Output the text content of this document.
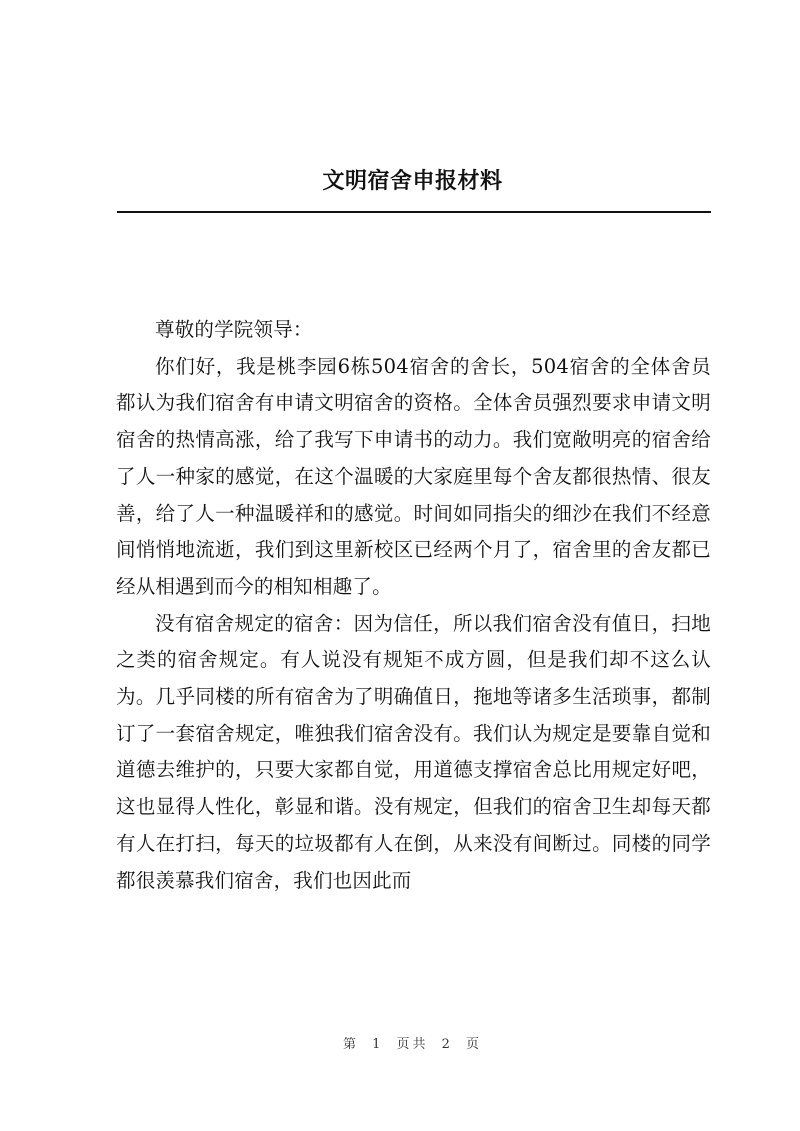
文明宿舍申报材料

尊敬的学院领导：

你们好，我是桃李园6栋504宿舍的舍长，504宿舍的全体舍员都认为我们宿舍有申请文明宿舍的资格。全体舍员强烈要求申请文明宿舍的热情高涨，给了我写下申请书的动力。我们宽敞明亮的宿舍给了人一种家的感觉，在这个温暖的大家庭里每个舍友都很热情、很友善，给了人一种温暖祥和的感觉。时间如同指尖的细沙在我们不经意间悄悄地流逝，我们到这里新校区已经两个月了，宿舍里的舍友都已经从相遇到而今的相知相趣了。

没有宿舍规定的宿舍：因为信任，所以我们宿舍没有值日，扫地之类的宿舍规定。有人说没有规矩不成方圆，但是我们却不这么认为。几乎同楼的所有宿舍为了明确值日，拖地等诸多生活琐事，都制订了一套宿舍规定，唯独我们宿舍没有。我们认为规定是要靠自觉和道德去维护的，只要大家都自觉，用道德支撑宿舍总比用规定好吧，这也显得人性化，彰显和谐。没有规定，但我们的宿舍卫生却每天都有人在打扫，每天的垃圾都有人在倒，从来没有间断过。同楼的同学都很羡慕我们宿舍，我们也因此而

第 1 页共 2 页
